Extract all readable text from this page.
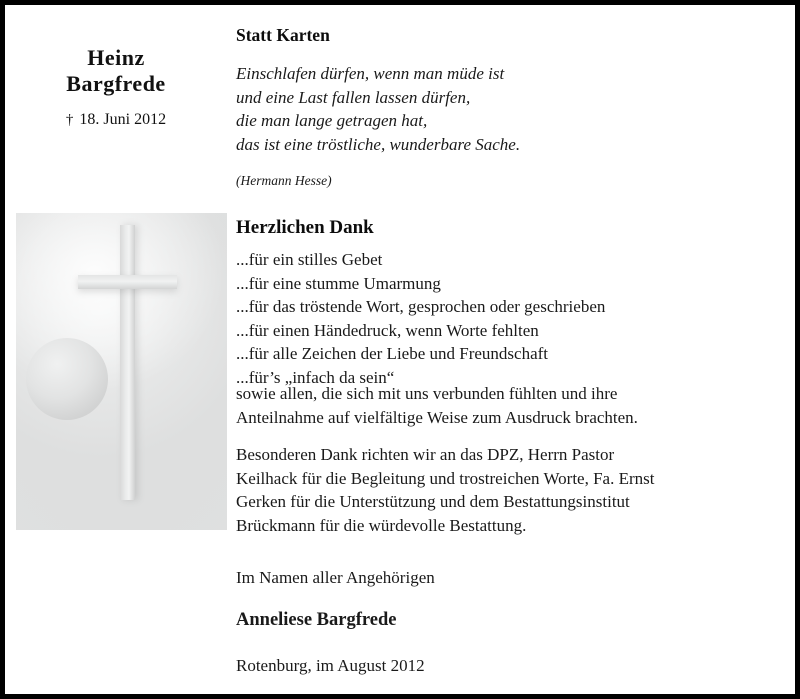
Heinz
Bargfrede
† 18. Juni 2012
Statt Karten
Einschlafen dürfen, wenn man müde ist
und eine Last fallen lassen dürfen,
die man lange getragen hat,
das ist eine tröstliche, wunderbare Sache.
(Hermann Hesse)
Herzlichen Dank
...für ein stilles Gebet
...für eine stumme Umarmung
...für das tröstende Wort, gesprochen oder geschrieben
...für einen Händedruck, wenn Worte fehlten
...für alle Zeichen der Liebe und Freundschaft
...für’s „infach da sein“
sowie allen, die sich mit uns verbunden fühlten und ihre
Anteilnahme auf vielfältige Weise zum Ausdruck brachten.
Besonderen Dank richten wir an das DPZ, Herrn Pastor
Keilhack für die Begleitung und trostreichen Worte, Fa. Ernst
Gerken für die Unterstützung und dem Bestattungsinstitut
Brückmann für die würdevolle Bestattung.
Im Namen aller Angehörigen
Anneliese Bargfrede
Rotenburg, im August 2012
